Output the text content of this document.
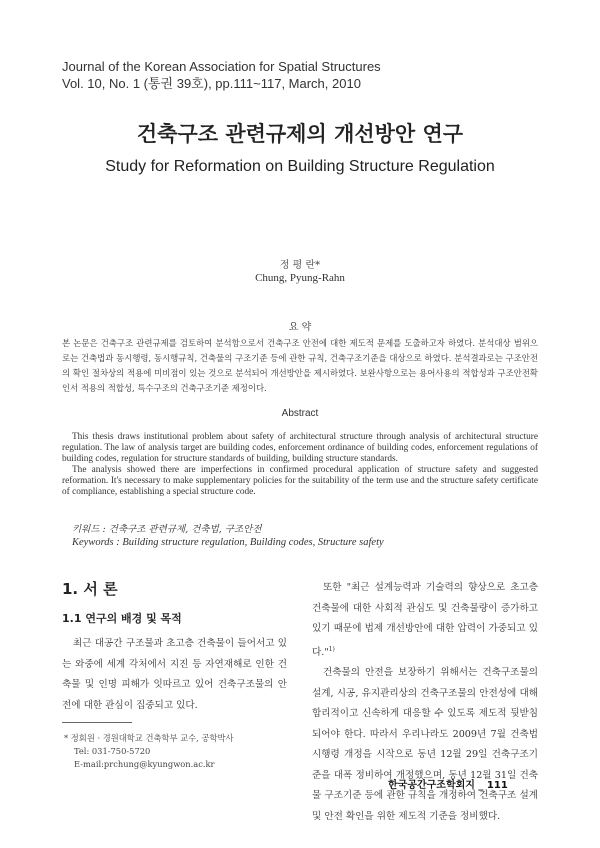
Journal of the Korean Association for Spatial Structures
Vol. 10, No. 1 (통권 39호), pp.111~117, March, 2010
건축구조 관련규제의 개선방안 연구
Study for Reformation on Building Structure Regulation
정 평 란*
Chung, Pyung-Rahn
요 약
본 논문은 건축구조 관련규제를 검토하여 분석함으로서 건축구조 안전에 대한 제도적 문제를 도출하고자 하였다. 분석대상 범위으로는 건축법과 동시행령, 동시행규칙, 건축물의 구조기준 등에 관한 규칙, 건축구조기준을 대상으로 하였다. 분석결과로는 구조안전의 확인 절차상의 적용에 미비점이 있는 것으로 분석되어 개선방안을 제시하였다. 보완사항으로는 용어사용의 적합성과 구조안전확인서 적용의 적합성, 특수구조의 건축구조기준 제정이다.
Abstract

This thesis draws institutional problem about safety of architectural structure through analysis of architectural structure regulation. The law of analysis target are building codes, enforcement ordinance of building codes, enforcement regulations of building codes, regulation for structure standards of building, building structure standards.

The analysis showed there are imperfections in confirmed procedural application of structure safety and suggested reformation. It's necessary to make supplementary policies for the suitability of the term use and the structure safety certificate of compliance, establishing a special structure code.

키워드 : 건축구조 관련규제, 건축법, 구조안전
Keywords : Building structure regulation, Building codes, Structure safety
1. 서 론
1.1 연구의 배경 및 목적

최근 대공간 구조물과 초고층 건축물이 들어서고 있는 와중에 세계 각처에서 지진 등 자연재해로 인한 건축물 및 인명 피해가 잇따르고 있어 건축구조물의 안전에 대한 관심이 집중되고 있다.

또한 "최근 설계능력과 기술력의 향상으로 초고층 건축물에 대한 사회적 관심도 및 건축물량이 증가하고 있기 때문에 법제 개선방안에 대한 압력이 가중되고 있다."$^{1)}$

건축물의 안전을 보장하기 위해서는 건축구조물의 설계, 시공, 유지관리상의 건축구조물의 안전성에 대해 합리적이고 신속하게 대응할 수 있도록 제도적 뒷받침 되어야 한다. 따라서 우리나라도 2009년 7월 건축법 시행령 개정을 시작으로 동년 12월 29일 건축구조기준을 대폭 정비하여 개정했으며, 동년 12월 31일 건축물 구조기준 등에 관한 규칙을 개정하여 건축구조 설계 및 안전 확인을 위한 제도적 기준을 정비했다.

* 정회원 · 경원대학교 건축학부 교수, 공학박사
Tel: 031-750-5720
E-mail:prchung@kyungwon.ac.kr
한국공간구조학회지 _ 111
